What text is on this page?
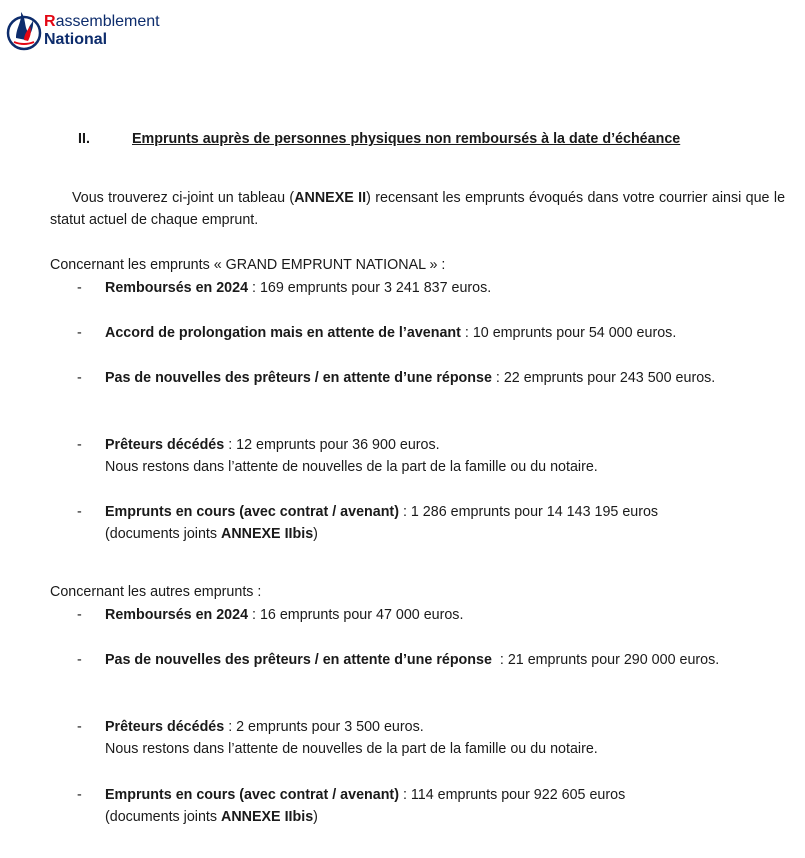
Rassemblement
National
II.	Emprunts auprès de personnes physiques non remboursés à la date d’échéance
Vous trouverez ci-joint un tableau (ANNEXE II) recensant les emprunts évoqués dans votre courrier ainsi que le statut actuel de chaque emprunt.
Concernant les emprunts « GRAND EMPRUNT NATIONAL » :
- Remboursés en 2024 : 169 emprunts pour 3 241 837 euros.
- Accord de prolongation mais en attente de l’avenant : 10 emprunts pour 54 000 euros.
- Pas de nouvelles des prêteurs / en attente d’une réponse : 22 emprunts pour 243 500 euros.
- Prêteurs décédés : 12 emprunts pour 36 900 euros.
Nous restons dans l’attente de nouvelles de la part de la famille ou du notaire.
- Emprunts en cours (avec contrat / avenant) : 1 286 emprunts pour 14 143 195 euros
(documents joints ANNEXE IIbis)
Concernant les autres emprunts :
- Remboursés en 2024 : 16 emprunts pour 47 000 euros.
- Pas de nouvelles des prêteurs / en attente d’une réponse  : 21 emprunts pour 290 000 euros.
- Prêteurs décédés : 2 emprunts pour 3 500 euros.
Nous restons dans l’attente de nouvelles de la part de la famille ou du notaire.
- Emprunts en cours (avec contrat / avenant) : 114 emprunts pour 922 605 euros
(documents joints ANNEXE IIbis)
